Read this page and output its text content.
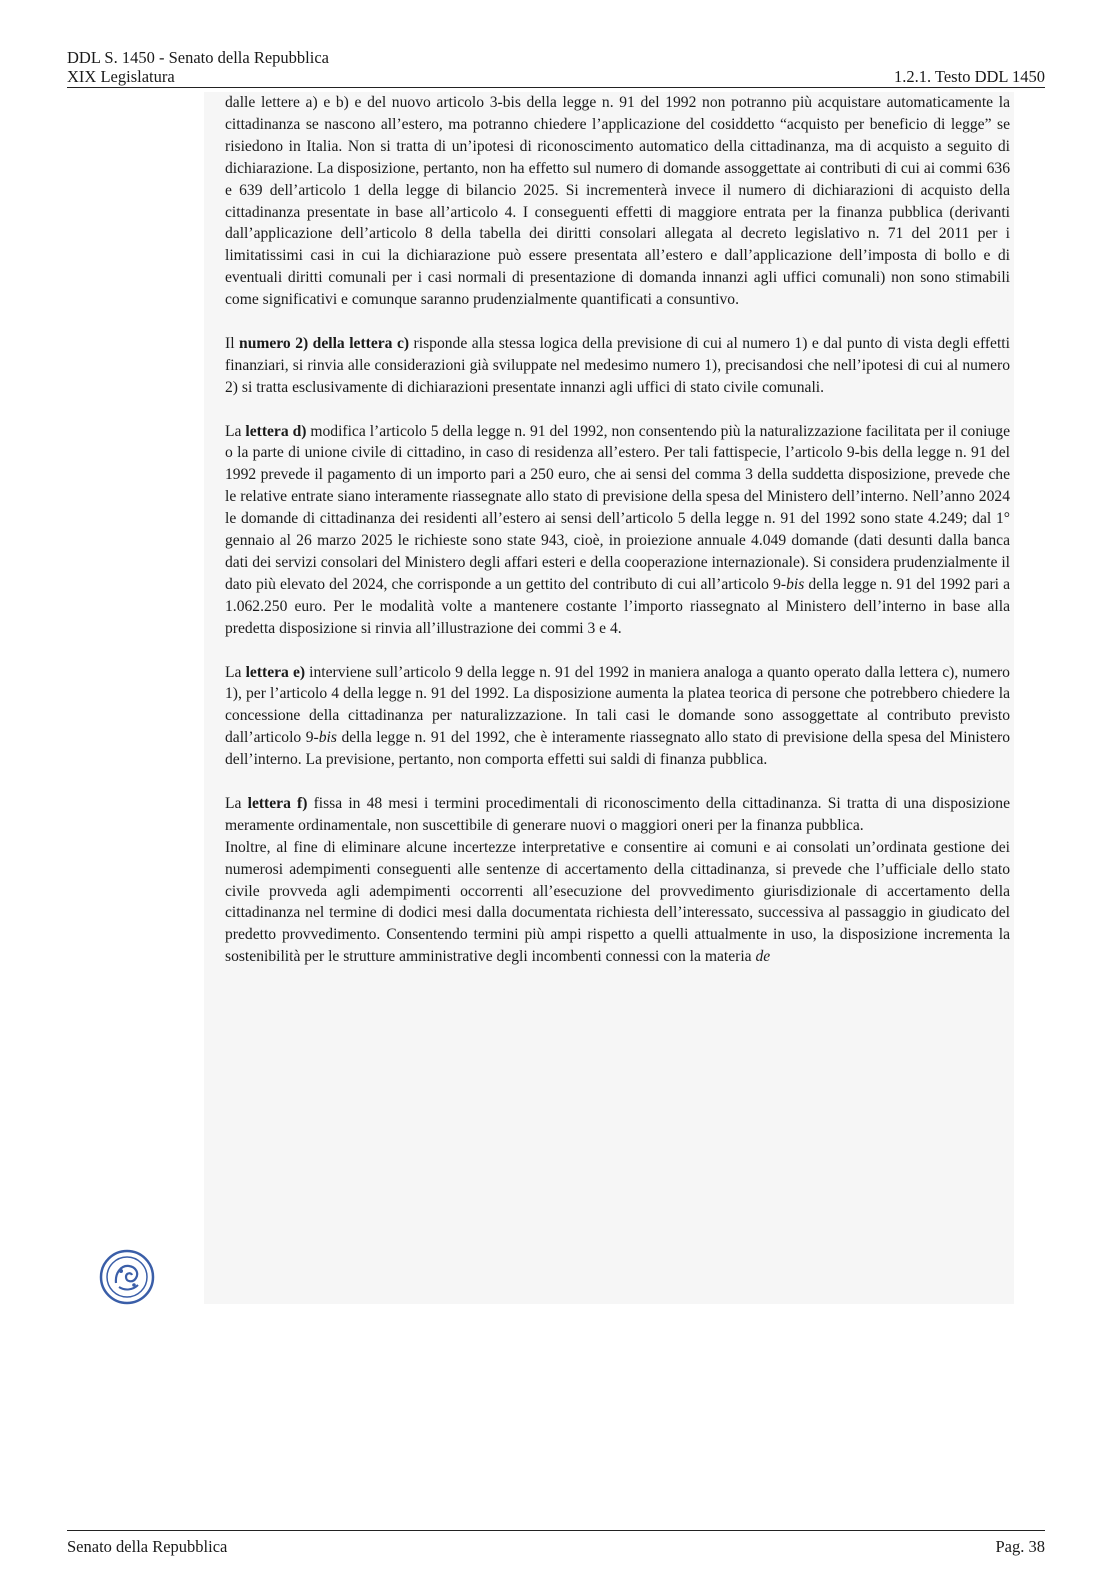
DDL S. 1450 - Senato della Repubblica
XIX Legislatura	1.2.1. Testo DDL 1450

dalle lettere a) e b) e del nuovo articolo 3-bis della legge n. 91 del 1992 non potranno più acquistare automaticamente la cittadinanza se nascono all’estero, ma potranno chiedere l’applicazione del cosiddetto “acquisto per beneficio di legge” se risiedono in Italia. Non si tratta di un’ipotesi di riconoscimento automatico della cittadinanza, ma di acquisto a seguito di dichiarazione. La disposizione, pertanto, non ha effetto sul numero di domande assoggettate ai contributi di cui ai commi 636 e 639 dell’articolo 1 della legge di bilancio 2025. Si incrementerà invece il numero di dichiarazioni di acquisto della cittadinanza presentate in base all’articolo 4. I conseguenti effetti di maggiore entrata per la finanza pubblica (derivanti dall’applicazione dell’articolo 8 della tabella dei diritti consolari allegata al decreto legislativo n. 71 del 2011 per i limitatissimi casi in cui la dichiarazione può essere presentata all’estero e dall’applicazione dell’imposta di bollo e di eventuali diritti comunali per i casi normali di presentazione di domanda innanzi agli uffici comunali) non sono stimabili come significativi e comunque saranno prudenzialmente quantificati a consuntivo.

Il numero 2) della lettera c) risponde alla stessa logica della previsione di cui al numero 1) e dal punto di vista degli effetti finanziari, si rinvia alle considerazioni già sviluppate nel medesimo numero 1), precisandosi che nell’ipotesi di cui al numero 2) si tratta esclusivamente di dichiarazioni presentate innanzi agli uffici di stato civile comunali.

La lettera d) modifica l’articolo 5 della legge n. 91 del 1992, non consentendo più la naturalizzazione facilitata per il coniuge o la parte di unione civile di cittadino, in caso di residenza all’estero. Per tali fattispecie, l’articolo 9-bis della legge n. 91 del 1992 prevede il pagamento di un importo pari a 250 euro, che ai sensi del comma 3 della suddetta disposizione, prevede che le relative entrate siano interamente riassegnate allo stato di previsione della spesa del Ministero dell’interno. Nell’anno 2024 le domande di cittadinanza dei residenti all’estero ai sensi dell’articolo 5 della legge n. 91 del 1992 sono state 4.249; dal 1° gennaio al 26 marzo 2025 le richieste sono state 943, cioè, in proiezione annuale 4.049 domande (dati desunti dalla banca dati dei servizi consolari del Ministero degli affari esteri e della cooperazione internazionale). Si considera prudenzialmente il dato più elevato del 2024, che corrisponde a un gettito del contributo di cui all’articolo 9-bis della legge n. 91 del 1992 pari a 1.062.250 euro. Per le modalità volte a mantenere costante l’importo riassegnato al Ministero dell’interno in base alla predetta disposizione si rinvia all’illustrazione dei commi 3 e 4.

La lettera e) interviene sull’articolo 9 della legge n. 91 del 1992 in maniera analoga a quanto operato dalla lettera c), numero 1), per l’articolo 4 della legge n. 91 del 1992. La disposizione aumenta la platea teorica di persone che potrebbero chiedere la concessione della cittadinanza per naturalizzazione. In tali casi le domande sono assoggettate al contributo previsto dall’articolo 9-bis della legge n. 91 del 1992, che è interamente riassegnato allo stato di previsione della spesa del Ministero dell’interno. La previsione, pertanto, non comporta effetti sui saldi di finanza pubblica.

La lettera f) fissa in 48 mesi i termini procedimentali di riconoscimento della cittadinanza. Si tratta di una disposizione meramente ordinamentale, non suscettibile di generare nuovi o maggiori oneri per la finanza pubblica.

Inoltre, al fine di eliminare alcune incertezze interpretative e consentire ai comuni e ai consolati un’ordinata gestione dei numerosi adempimenti conseguenti alle sentenze di accertamento della cittadinanza, si prevede che l’ufficiale dello stato civile provveda agli adempimenti occorrenti all’esecuzione del provvedimento giurisdizionale di accertamento della cittadinanza nel termine di dodici mesi dalla documentata richiesta dell’interessato, successiva al passaggio in giudicato del predetto provvedimento. Consentendo termini più ampi rispetto a quelli attualmente in uso, la disposizione incrementa la sostenibilità per le strutture amministrative degli incombenti connessi con la materia de

Senato della Repubblica	Pag. 38
